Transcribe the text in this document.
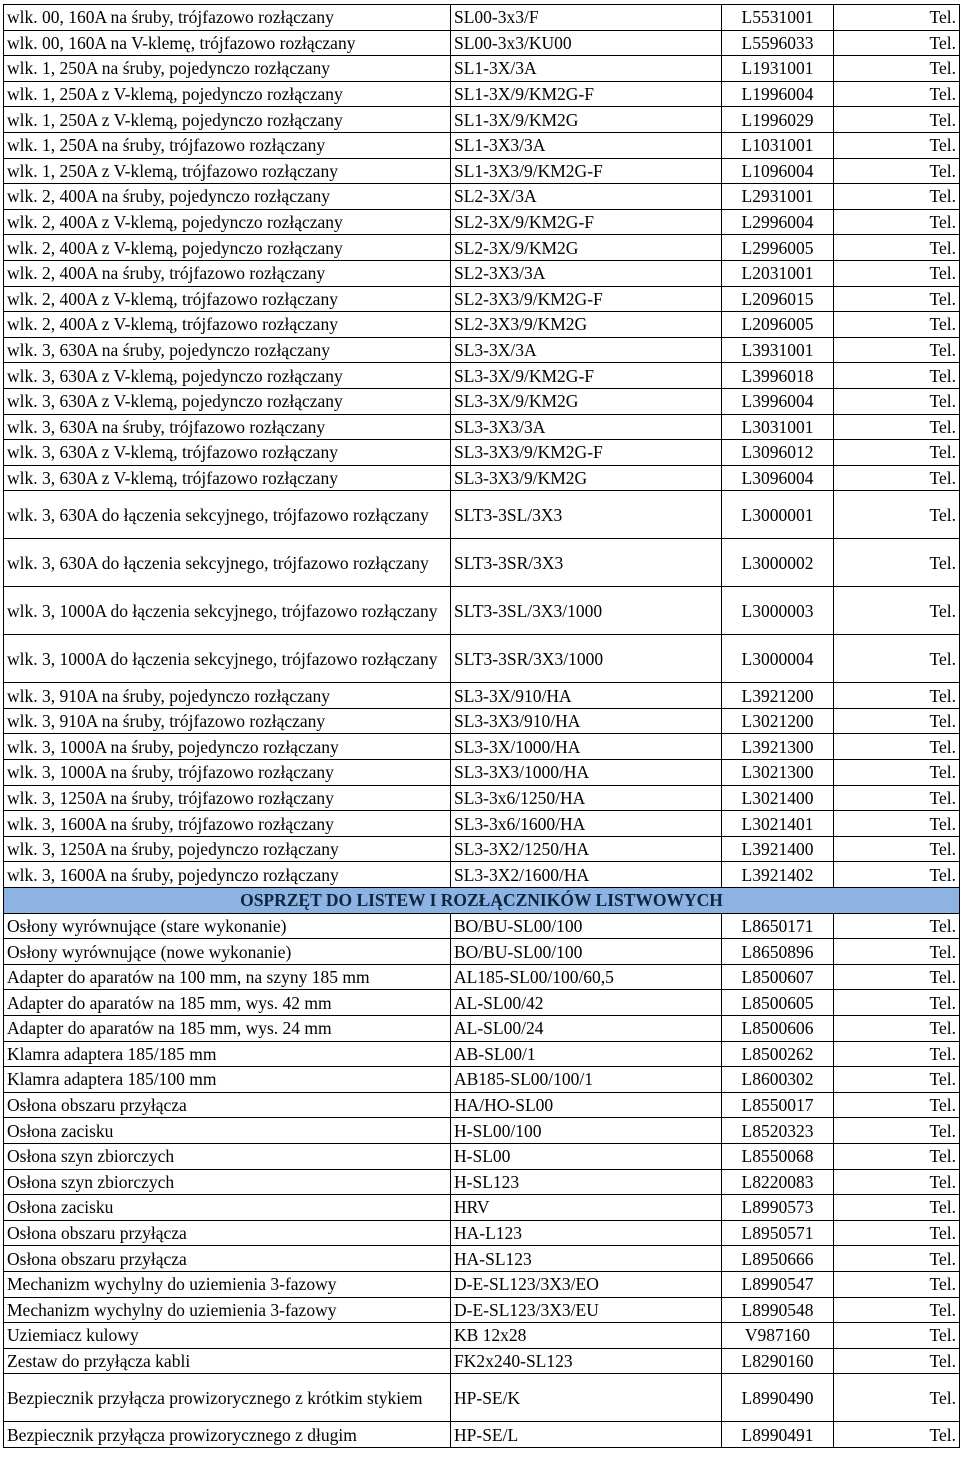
wlk. 00, 160A na śruby, trójfazowo rozłączany	SL00-3x3/F	L5531001	Tel.
wlk. 00, 160A na V-klemę, trójfazowo rozłączany	SL00-3x3/KU00	L5596033	Tel.
wlk. 1, 250A na śruby, pojedynczo rozłączany	SL1-3X/3A	L1931001	Tel.
wlk. 1, 250A z V-klemą, pojedynczo rozłączany	SL1-3X/9/KM2G-F	L1996004	Tel.
wlk. 1, 250A z V-klemą, pojedynczo rozłączany	SL1-3X/9/KM2G	L1996029	Tel.
wlk. 1, 250A na śruby, trójfazowo rozłączany	SL1-3X3/3A	L1031001	Tel.
wlk. 1, 250A z V-klemą, trójfazowo rozłączany	SL1-3X3/9/KM2G-F	L1096004	Tel.
wlk. 2, 400A na śruby, pojedynczo rozłączany	SL2-3X/3A	L2931001	Tel.
wlk. 2, 400A z V-klemą, pojedynczo rozłączany	SL2-3X/9/KM2G-F	L2996004	Tel.
wlk. 2, 400A z V-klemą, pojedynczo rozłączany	SL2-3X/9/KM2G	L2996005	Tel.
wlk. 2, 400A na śruby, trójfazowo rozłączany	SL2-3X3/3A	L2031001	Tel.
wlk. 2, 400A z V-klemą, trójfazowo rozłączany	SL2-3X3/9/KM2G-F	L2096015	Tel.
wlk. 2, 400A z V-klemą, trójfazowo rozłączany	SL2-3X3/9/KM2G	L2096005	Tel.
wlk. 3, 630A na śruby, pojedynczo rozłączany	SL3-3X/3A	L3931001	Tel.
wlk. 3, 630A z V-klemą, pojedynczo rozłączany	SL3-3X/9/KM2G-F	L3996018	Tel.
wlk. 3, 630A z V-klemą, pojedynczo rozłączany	SL3-3X/9/KM2G	L3996004	Tel.
wlk. 3, 630A na śruby, trójfazowo rozłączany	SL3-3X3/3A	L3031001	Tel.
wlk. 3, 630A z V-klemą, trójfazowo rozłączany	SL3-3X3/9/KM2G-F	L3096012	Tel.
wlk. 3, 630A z V-klemą, trójfazowo rozłączany	SL3-3X3/9/KM2G	L3096004	Tel.
wlk. 3, 630A do łączenia sekcyjnego, trójfazowo rozłączany	SLT3-3SL/3X3	L3000001	Tel.
wlk. 3, 630A do łączenia sekcyjnego, trójfazowo rozłączany	SLT3-3SR/3X3	L3000002	Tel.
wlk. 3, 1000A do łączenia sekcyjnego, trójfazowo rozłączany	SLT3-3SL/3X3/1000	L3000003	Tel.
wlk. 3, 1000A do łączenia sekcyjnego, trójfazowo rozłączany	SLT3-3SR/3X3/1000	L3000004	Tel.
wlk. 3, 910A na śruby, pojedynczo rozłączany	SL3-3X/910/HA	L3921200	Tel.
wlk. 3, 910A na śruby, trójfazowo rozłączany	SL3-3X3/910/HA	L3021200	Tel.
wlk. 3, 1000A na śruby, pojedynczo rozłączany	SL3-3X/1000/HA	L3921300	Tel.
wlk. 3, 1000A na śruby, trójfazowo rozłączany	SL3-3X3/1000/HA	L3021300	Tel.
wlk. 3, 1250A na śruby, trójfazowo rozłączany	SL3-3x6/1250/HA	L3021400	Tel.
wlk. 3, 1600A na śruby, trójfazowo rozłączany	SL3-3x6/1600/HA	L3021401	Tel.
wlk. 3, 1250A na śruby, pojedynczo rozłączany	SL3-3X2/1250/HA	L3921400	Tel.
wlk. 3, 1600A na śruby, pojedynczo rozłączany	SL3-3X2/1600/HA	L3921402	Tel.
OSPRZĘT DO LISTEW I ROZŁĄCZNIKÓW LISTWOWYCH			
Osłony wyrównujące (stare wykonanie)	BO/BU-SL00/100	L8650171	Tel.
Osłony wyrównujące (nowe wykonanie)	BO/BU-SL00/100	L8650896	Tel.
Adapter do aparatów na 100 mm, na szyny 185 mm	AL185-SL00/100/60,5	L8500607	Tel.
Adapter do aparatów na 185 mm, wys. 42 mm	AL-SL00/42	L8500605	Tel.
Adapter do aparatów na 185 mm, wys. 24 mm	AL-SL00/24	L8500606	Tel.
Klamra adaptera 185/185 mm	AB-SL00/1	L8500262	Tel.
Klamra adaptera 185/100 mm	AB185-SL00/100/1	L8600302	Tel.
Osłona obszaru przyłącza	HA/HO-SL00	L8550017	Tel.
Osłona zacisku	H-SL00/100	L8520323	Tel.
Osłona szyn zbiorczych	H-SL00	L8550068	Tel.
Osłona szyn zbiorczych	H-SL123	L8220083	Tel.
Osłona zacisku	HRV	L8990573	Tel.
Osłona obszaru przyłącza	HA-L123	L8950571	Tel.
Osłona obszaru przyłącza	HA-SL123	L8950666	Tel.
Mechanizm wychylny do uziemienia 3-fazowy	D-E-SL123/3X3/EO	L8990547	Tel.
Mechanizm wychylny do uziemienia 3-fazowy	D-E-SL123/3X3/EU	L8990548	Tel.
Uziemiacz kulowy	KB 12x28	V987160	Tel.
Zestaw do przyłącza kabli	FK2x240-SL123	L8290160	Tel.
Bezpiecznik przyłącza prowizorycznego z krótkim stykiem	HP-SE/K	L8990490	Tel.
Bezpiecznik przyłącza prowizorycznego z długim	HP-SE/L	L8990491	Tel.
